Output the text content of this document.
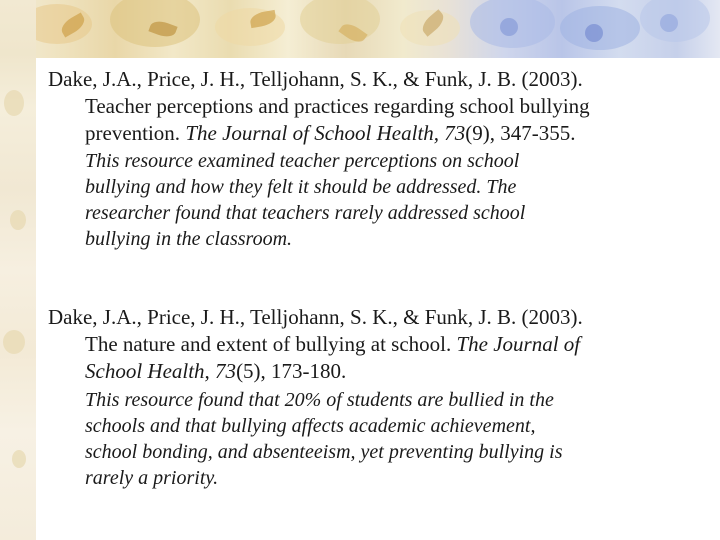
Dake, J.A., Price, J. H., Telljohann, S. K., & Funk, J. B. (2003).
Teacher perceptions and practices regarding school bullying
prevention. The Journal of School Health, 73(9), 347-355.

This resource examined teacher perceptions on school
bullying and how they felt it should be addressed. The
researcher found that teachers rarely addressed school
bullying in the classroom.

Dake, J.A., Price, J. H., Telljohann, S. K., & Funk, J. B. (2003).
The nature and extent of bullying at school. The Journal of
School Health, 73(5), 173-180.

This resource found that 20% of students are bullied in the
schools and that bullying affects academic achievement,
school bonding, and absenteeism, yet preventing bullying is
rarely a priority.
